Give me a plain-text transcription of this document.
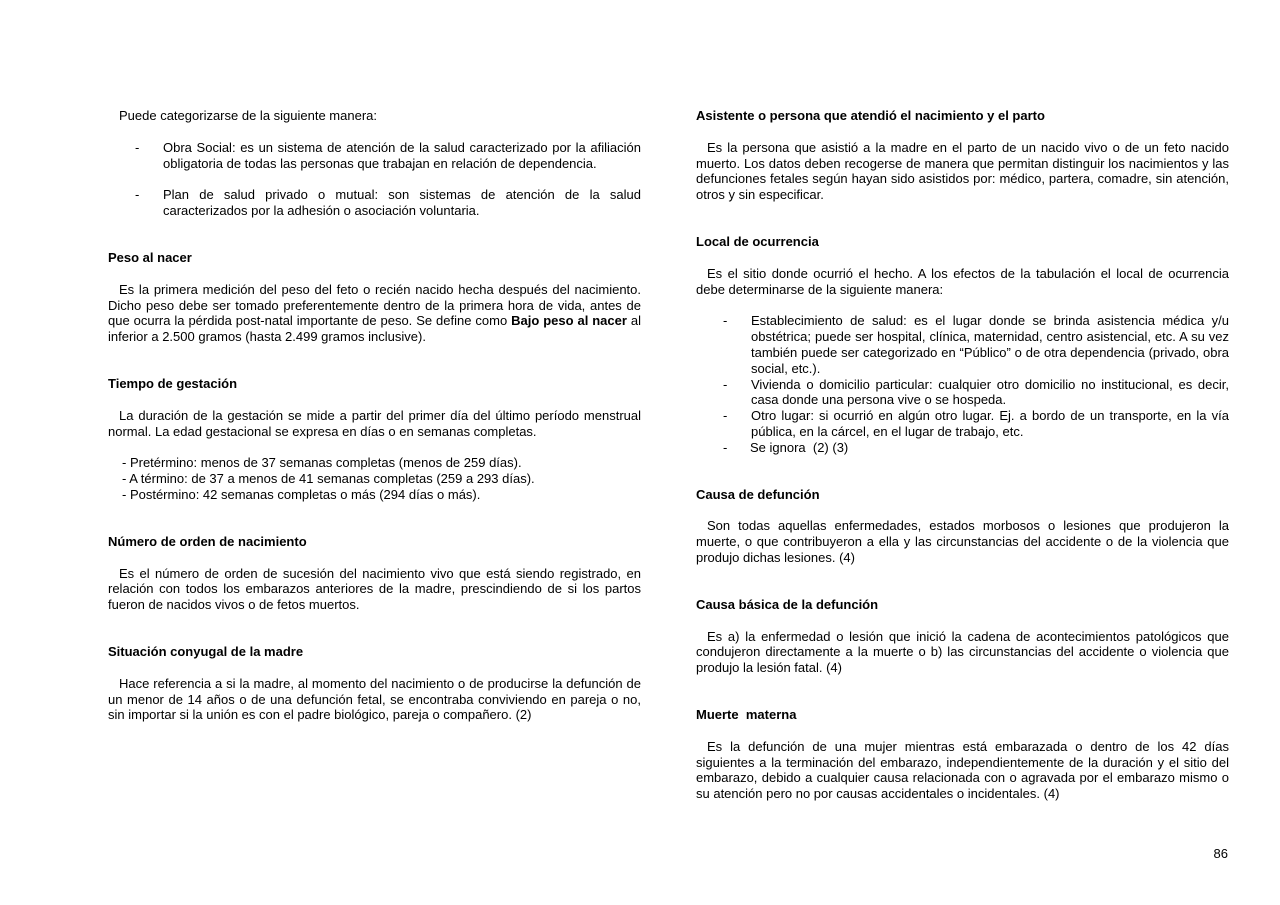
Puede categorizarse de la siguiente manera:

- Obra Social: es un sistema de atención de la salud caracterizado por la afiliación obligatoria de todas las personas que trabajan en relación de dependencia.
- Plan de salud privado o mutual: son sistemas de atención de la salud caracterizados por la adhesión o asociación voluntaria.

Peso al nacer

Es la primera medición del peso del feto o recién nacido hecha después del nacimiento. Dicho peso debe ser tomado preferentemente dentro de la primera hora de vida, antes de que ocurra la pérdida post-natal importante de peso. Se define como Bajo peso al nacer al inferior a 2.500 gramos (hasta 2.499 gramos inclusive).

Tiempo de gestación

La duración de la gestación se mide a partir del primer día del último período menstrual normal. La edad gestacional se expresa en días o en semanas completas.

- Pretérmino: menos de 37 semanas completas (menos de 259 días).

- A término: de 37 a menos de 41 semanas completas (259 a 293 días).

- Postérmino: 42 semanas completas o más (294 días o más).

Número de orden de nacimiento

Es el número de orden de sucesión del nacimiento vivo que está siendo registrado, en relación con todos los embarazos anteriores de la madre, prescindiendo de si los partos fueron de nacidos vivos o de fetos muertos.

Situación conyugal de la madre

Hace referencia a si la madre, al momento del nacimiento o de producirse la defunción de un menor de 14 años o de una defunción fetal, se encontraba conviviendo en pareja o no, sin importar si la unión es con el padre biológico, pareja o compañero. (2)

Asistente o persona que atendió el nacimiento y el parto

Es la persona que asistió a la madre en el parto de un nacido vivo o de un feto nacido muerto. Los datos deben recogerse de manera que permitan distinguir los nacimientos y las defunciones fetales según hayan sido asistidos por: médico, partera, comadre, sin atención, otros y sin especificar.

Local de ocurrencia

Es el sitio donde ocurrió el hecho. A los efectos de la tabulación el local de ocurrencia debe determinarse de la siguiente manera:

- Establecimiento de salud: es el lugar donde se brinda asistencia médica y/u obstétrica; puede ser hospital, clínica, maternidad, centro asistencial, etc. A su vez también puede ser categorizado en “Público” o de otra dependencia (privado, obra social, etc.).
- Vivienda o domicilio particular: cualquier otro domicilio no institucional, es decir, casa donde una persona vive o se hospeda.
- Otro lugar: si ocurrió en algún otro lugar. Ej. a bordo de un transporte, en la vía pública, en la cárcel, en el lugar de trabajo, etc.
- Se ignora  (2) (3)

Causa de defunción

Son todas aquellas enfermedades, estados morbosos o lesiones que produjeron la muerte, o que contribuyeron a ella y las circunstancias del accidente o de la violencia que produjo dichas lesiones. (4)

Causa básica de la defunción

Es a) la enfermedad o lesión que inició la cadena de acontecimientos patológicos que condujeron directamente a la muerte o b) las circunstancias del accidente o violencia que produjo la lesión fatal. (4)

Muerte  materna

Es la defunción de una mujer mientras está embarazada o dentro de los 42 días siguientes a la terminación del embarazo, independientemente de la duración y el sitio del embarazo, debido a cualquier causa relacionada con o agravada por el embarazo mismo o su atención pero no por causas accidentales o incidentales. (4)

86
